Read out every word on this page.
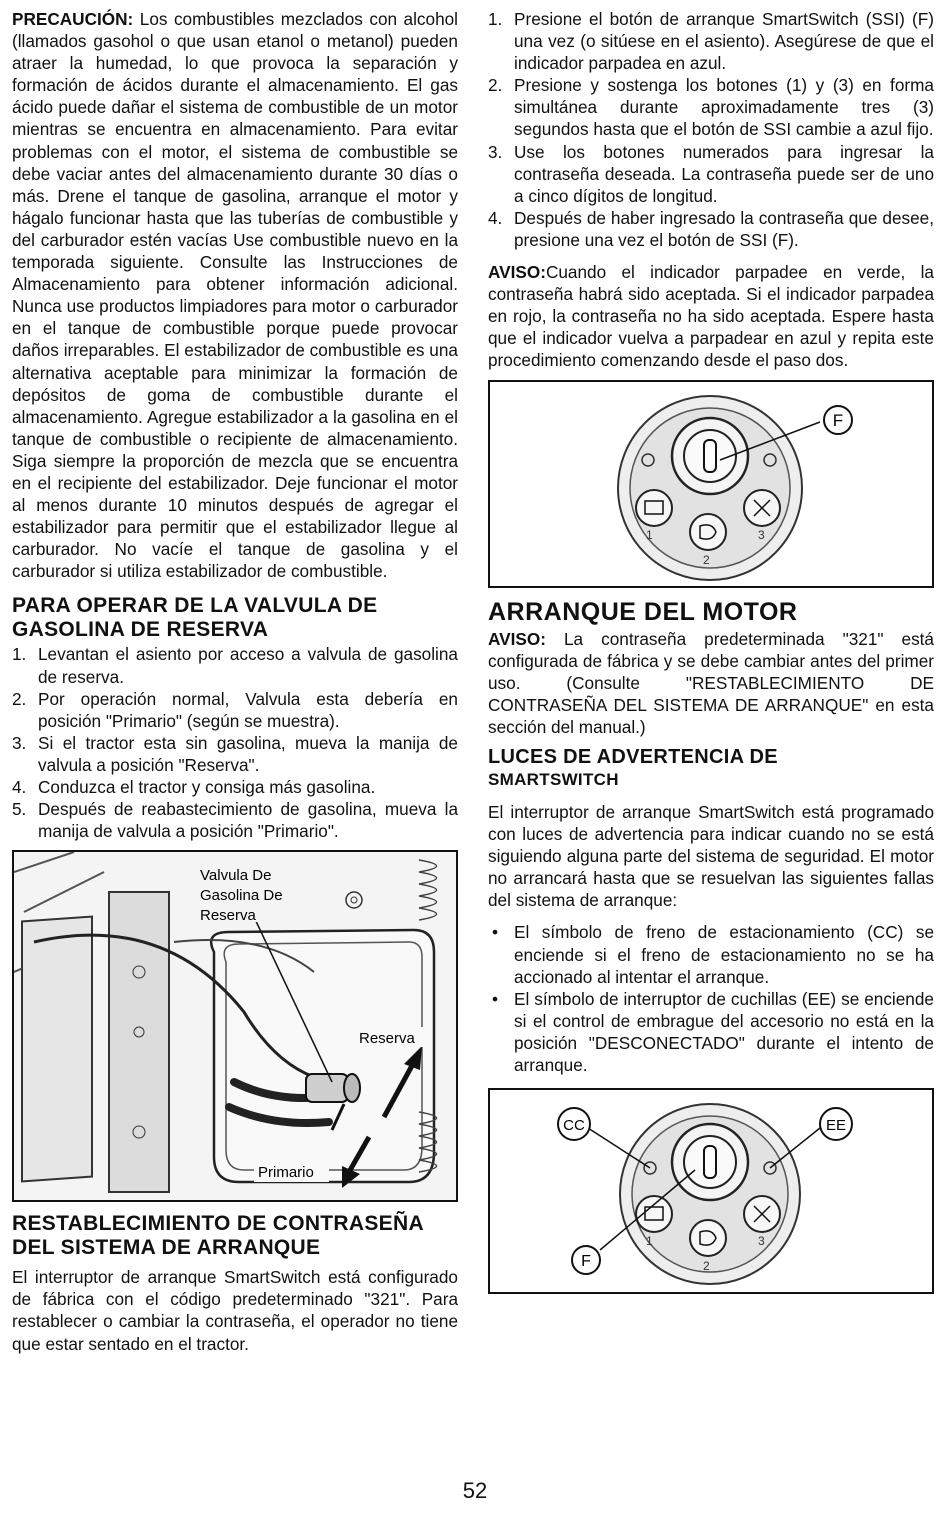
PRECAUCIÓN: Los combustibles mezclados con alcohol (llamados gasohol o que usan etanol o metanol) pueden atraer la humedad, lo que provoca la separación y formación de ácidos durante el almacenamiento. El gas ácido puede dañar el sistema de combustible de un motor mientras se encuentra en almacenamiento. Para evitar problemas con el motor, el sistema de combustible se debe vaciar antes del almacenamiento durante 30 días o más. Drene el tanque de gasolina, arranque el motor y hágalo funcionar hasta que las tuberías de combustible y del carburador estén vacías Use combustible nuevo en la temporada siguiente. Consulte las Instrucciones de Almacenamiento para obtener información adicional. Nunca use productos limpiadores para motor o carburador en el tanque de combustible porque puede provocar daños irreparables. El estabilizador de combustible es una alternativa aceptable para minimizar la formación de depósitos de goma de combustible durante el almacenamiento. Agregue estabilizador a la gasolina en el tanque de combustible o recipiente de almacenamiento. Siga siempre la proporción de mezcla que se encuentra en el recipiente del estabilizador. Deje funcionar el motor al menos durante 10 minutos después de agregar el estabilizador para permitir que el estabilizador llegue al carburador. No vacíe el tanque de gasolina y el carburador si utiliza estabilizador de combustible.

PARA OPERAR DE LA VALVULA DE GASOLINA DE RESERVA
1. Levantan el asiento por acceso a valvula de gasolina de reserva.
2. Por operación normal, Valvula esta debería en posición "Primario" (según se muestra).
3. Si el tractor esta sin gasolina, mueva la manija de valvula a posición "Reserva".
4. Conduzca el tractor y consiga más gasolina.
5. Después de reabastecimiento de gasolina, mueva la manija de valvula a posición "Primario".
Valvula De
Gasolina De
Reserva
Reserva
Primario
RESTABLECIMIENTO DE CONTRASEÑA DEL SISTEMA DE ARRANQUE

El interruptor de arranque SmartSwitch está configurado de fábrica con el código predeterminado "321". Para restablecer o cambiar la contraseña, el operador no tiene que estar sentado en el tractor.

1. Presione el botón de arranque SmartSwitch (SSI) (F) una vez (o sitúese en el asiento). Asegúrese de que el indicador parpadea en azul.
2. Presione y sostenga los botones (1) y (3) en forma simultánea durante aproximadamente tres (3) segundos hasta que el botón de SSI cambie a azul fijo.
3. Use los botones numerados para ingresar la contraseña deseada. La contraseña puede ser de uno a cinco dígitos de longitud.
4. Después de haber ingresado la contraseña que desee, presione una vez el botón de SSI (F).

AVISO:Cuando el indicador parpadee en verde, la contraseña habrá sido aceptada. Si el indicador parpadea en rojo, la contraseña no ha sido aceptada. Espere hasta que el indicador vuelva a parpadear en azul y repita este procedimiento comenzando desde el paso dos.

1
2
3
F
ARRANQUE DEL MOTOR

AVISO: La contraseña predeterminada "321" está configurada de fábrica y se debe cambiar antes del primer uso. (Consulte "RESTABLECIMIENTO DE CONTRASEÑA DEL SISTEMA DE ARRANQUE" en esta sección del manual.)

LUCES DE ADVERTENCIA DE
SMARTSWITCH

El interruptor de arranque SmartSwitch está programado con luces de advertencia para indicar cuando no se está siguiendo alguna parte del sistema de seguridad. El motor no arrancará hasta que se resuelvan las siguientes fallas del sistema de arranque:

• El símbolo de freno de estacionamiento (CC) se enciende si el freno de estacionamiento no se ha accionado al intentar el arranque.
• El símbolo de interruptor de cuchillas (EE) se enciende si el control de embrague del accesorio no está en la posición "DESCONECTADO" durante el intento de arranque.
1
2
3
CC	EE
F
52
